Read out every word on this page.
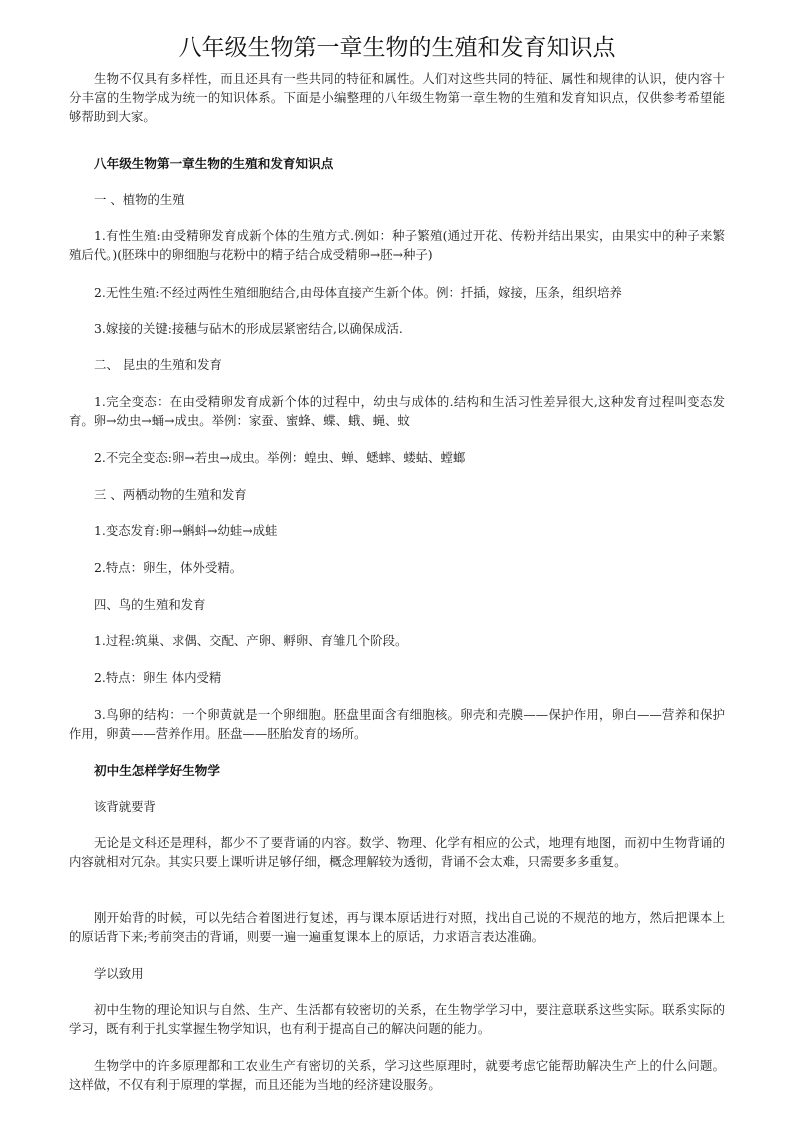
八年级生物第一章生物的生殖和发育知识点
生物不仅具有多样性，而且还具有一些共同的特征和属性。人们对这些共同的特征、属性和规律的认识，使内容十分丰富的生物学成为统一的知识体系。下面是小编整理的八年级生物第一章生物的生殖和发育知识点，仅供参考希望能够帮助到大家。
八年级生物第一章生物的生殖和发育知识点
一 、植物的生殖
1.有性生殖:由受精卵发育成新个体的生殖方式.例如：种子繁殖(通过开花、传粉并结出果实，由果实中的种子来繁殖后代。)(胚珠中的卵细胞与花粉中的精子结合成受精卵→胚→种子)
2.无性生殖:不经过两性生殖细胞结合,由母体直接产生新个体。例：扦插，嫁接，压条，组织培养
3.嫁接的关键:接穗与砧木的形成层紧密结合,以确保成活.
二、 昆虫的生殖和发育
1.完全变态：在由受精卵发育成新个体的过程中，幼虫与成体的.结构和生活习性差异很大,这种发育过程叫变态发育。卵→幼虫→蛹→成虫。举例：家蚕、蜜蜂、蝶、蛾、蝇、蚊
2.不完全变态:卵→若虫→成虫。举例：蝗虫、蝉、蟋蟀、蝼蛄、螳螂
三 、两栖动物的生殖和发育
1.变态发育:卵→蝌蚪→幼蛙→成蛙
2.特点：卵生，体外受精。
四、鸟的生殖和发育
1.过程:筑巢、求偶、交配、产卵、孵卵、育雏几个阶段。
2.特点：卵生 体内受精
3.鸟卵的结构：一个卵黄就是一个卵细胞。胚盘里面含有细胞核。卵壳和壳膜——保护作用，卵白——营养和保护作用，卵黄——营养作用。胚盘——胚胎发育的场所。
初中生怎样学好生物学
该背就要背
无论是文科还是理科，都少不了要背诵的内容。数学、物理、化学有相应的公式，地理有地图，而初中生物背诵的内容就相对冗杂。其实只要上课听讲足够仔细，概念理解较为透彻，背诵不会太难，只需要多多重复。
刚开始背的时候，可以先结合着图进行复述，再与课本原话进行对照，找出自己说的不规范的地方，然后把课本上的原话背下来;考前突击的背诵，则要一遍一遍重复课本上的原话，力求语言表达准确。
学以致用
初中生物的理论知识与自然、生产、生活都有较密切的关系，在生物学学习中，要注意联系这些实际。联系实际的学习，既有利于扎实掌握生物学知识，也有利于提高自己的解决问题的能力。
生物学中的许多原理都和工农业生产有密切的关系，学习这些原理时，就要考虑它能帮助解决生产上的什么问题。这样做，不仅有利于原理的掌握，而且还能为当地的经济建设服务。
